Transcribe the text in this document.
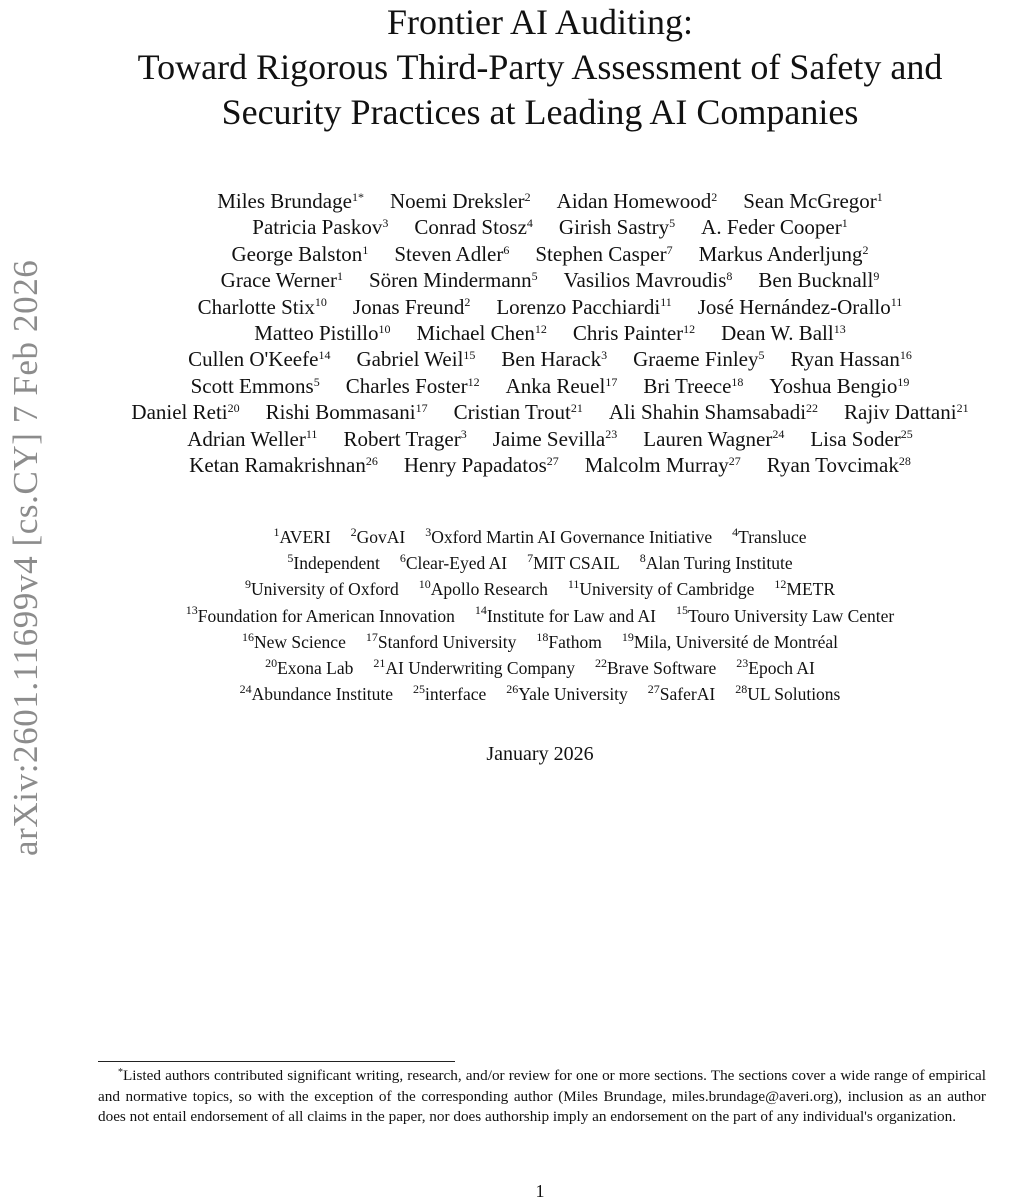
arXiv:2601.11699v4 [cs.CY] 7 Feb 2026
Frontier AI Auditing:
Toward Rigorous Third-Party Assessment of Safety and
Security Practices at Leading AI Companies
Miles Brundage$^{1*}$ Noemi Dreksler$^2$ Aidan Homewood$^2$ Sean McGregor$^1$
Patricia Paskov$^3$ Conrad Stosz$^4$ Girish Sastry$^5$ A. Feder Cooper$^1$
George Balston$^1$ Steven Adler$^6$ Stephen Casper$^7$ Markus Anderljung$^2$
Grace Werner$^1$ Sören Mindermann$^5$ Vasilios Mavroudis$^8$ Ben Bucknall$^9$
Charlotte Stix$^{10}$ Jonas Freund$^2$ Lorenzo Pacchiardi$^{11}$ José Hernández-Orallo$^{11}$
Matteo Pistillo$^{10}$ Michael Chen$^{12}$ Chris Painter$^{12}$ Dean W. Ball$^{13}$
Cullen O'Keefe$^{14}$ Gabriel Weil$^{15}$ Ben Harack$^3$ Graeme Finley$^5$ Ryan Hassan$^{16}$
Scott Emmons$^5$ Charles Foster$^{12}$ Anka Reuel$^{17}$ Bri Treece$^{18}$ Yoshua Bengio$^{19}$
Daniel Reti$^{20}$ Rishi Bommasani$^{17}$ Cristian Trout$^{21}$ Ali Shahin Shamsabadi$^{22}$ Rajiv Dattani$^{21}$
Adrian Weller$^{11}$ Robert Trager$^3$ Jaime Sevilla$^{23}$ Lauren Wagner$^{24}$ Lisa Soder$^{25}$
Ketan Ramakrishnan$^{26}$ Henry Papadatos$^{27}$ Malcolm Murray$^{27}$ Ryan Tovcimak$^{28}$
$^1$AVERI $^2$GovAI $^3$Oxford Martin AI Governance Initiative $^4$Transluce
$^5$Independent $^6$Clear-Eyed AI $^7$MIT CSAIL $^8$Alan Turing Institute
$^9$University of Oxford $^{10}$Apollo Research $^{11}$University of Cambridge $^{12}$METR
$^{13}$Foundation for American Innovation $^{14}$Institute for Law and AI $^{15}$Touro University Law Center
$^{16}$New Science $^{17}$Stanford University $^{18}$Fathom $^{19}$Mila, Université de Montréal
$^{20}$Exona Lab $^{21}$AI Underwriting Company $^{22}$Brave Software $^{23}$Epoch AI
$^{24}$Abundance Institute $^{25}$interface $^{26}$Yale University $^{27}$SaferAI $^{28}$UL Solutions
January 2026
*Listed authors contributed significant writing, research, and/or review for one or more sections. The sections cover a wide range of empirical and normative topics, so with the exception of the corresponding author (Miles Brundage, miles.brundage@averi.org), inclusion as an author does not entail endorsement of all claims in the paper, nor does authorship imply an endorsement on the part of any individual's organization.
1
